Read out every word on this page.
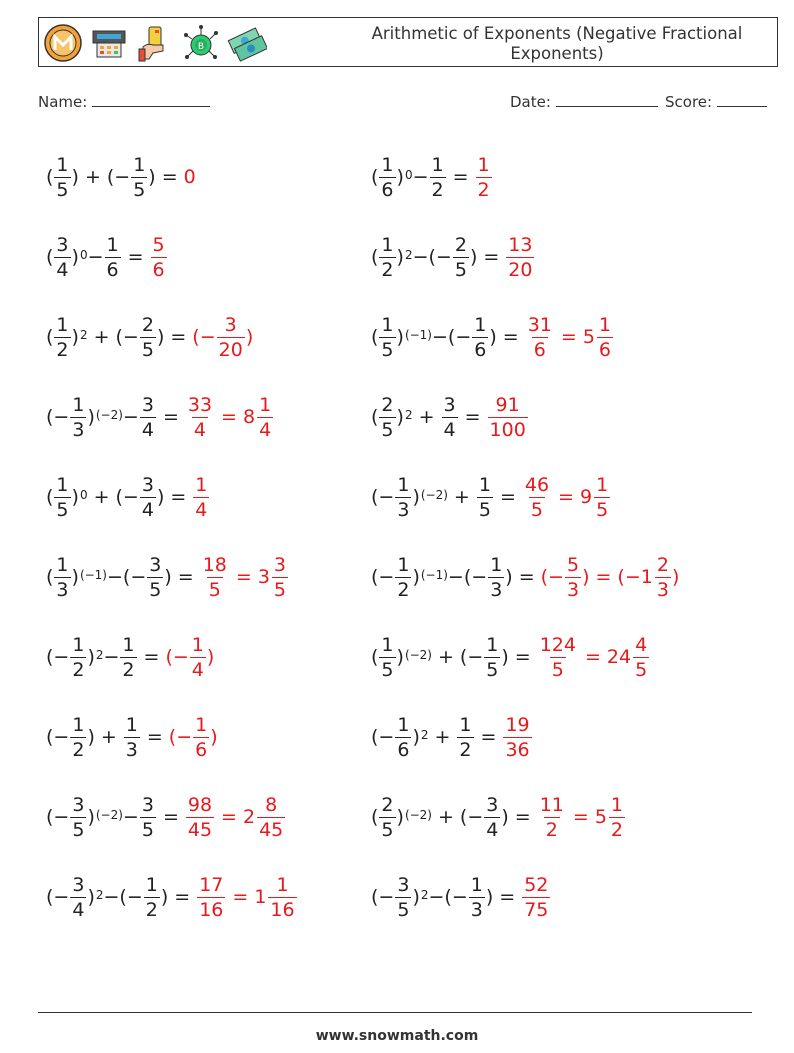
B
Arithmetic of Exponents (Negative Fractional Exponents)
Name:	Date:	Score:
( $\frac{1}{5}$ ) + ( − $\frac{1}{5}$ ) = 0	( $\frac{1}{6}$ ) $0 - \frac{1}{2} = \frac{1}{2}$
( $\frac{3}{4}$ ) $0 - \frac{1}{6} = \frac{5}{6}$	( $\frac{1}{2}$ ) 2 − ( − $\frac{2}{5}$ ) = $\frac{13}{20}$
( $\frac{1}{2}$ ) 2 + ( − $\frac{2}{5}$ ) = ( − $\frac{3}{20}$ )	( $\frac{1}{5}$ ) (−1) − ( − $\frac{1}{6}$ ) = $\frac{31}{6} = 5 \frac{1}{6}$
( − $\frac{1}{3}$ ) $(-2) - \frac{3}{4} = \frac{33}{4} = 8 \frac{1}{4}$	( $\frac{2}{5}$ ) $2 + \frac{3}{4} = \frac{91}{100}$
( $\frac{1}{5}$ ) 0 + ( − $\frac{3}{4}$ ) = $\frac{1}{4}$	( − $\frac{1}{3}$ ) $(-2) + \frac{1}{5} = \frac{46}{5} = 9 \frac{1}{5}$
( $\frac{1}{3}$ ) (−1) − ( − $\frac{3}{5}$ ) = $\frac{18}{5} = 3 \frac{3}{5}$	( − $\frac{1}{2}$ ) (−1) − ( − $\frac{1}{3}$ ) = ( − $\frac{5}{3}$ ) = ( − $1 \frac{2}{3}$ )
( − $\frac{1}{2}$ ) $2 - \frac{1}{2}$ = ( − $\frac{1}{4}$ )	( $\frac{1}{5}$ ) (−2) + ( − $\frac{1}{5}$ ) = $\frac{124}{5} = 24 \frac{4}{5}$
( − $\frac{1}{2}$ ) + $\frac{1}{3}$ = ( − $\frac{1}{6}$ )	( − $\frac{1}{6}$ ) $2 + \frac{1}{2} = \frac{19}{36}$
( − $\frac{3}{5}$ ) $(-2) - \frac{3}{5} = \frac{98}{45} = 2 \frac{8}{45}$	( $\frac{2}{5}$ ) (−2) + ( − $\frac{3}{4}$ ) = $\frac{11}{2} = 5 \frac{1}{2}$
( − $\frac{3}{4}$ ) 2 − ( − $\frac{1}{2}$ ) = $\frac{17}{16} = 1 \frac{1}{16}$	( − $\frac{3}{5}$ ) 2 − ( − $\frac{1}{3}$ ) = $\frac{52}{75}$
www.snowmath.com
